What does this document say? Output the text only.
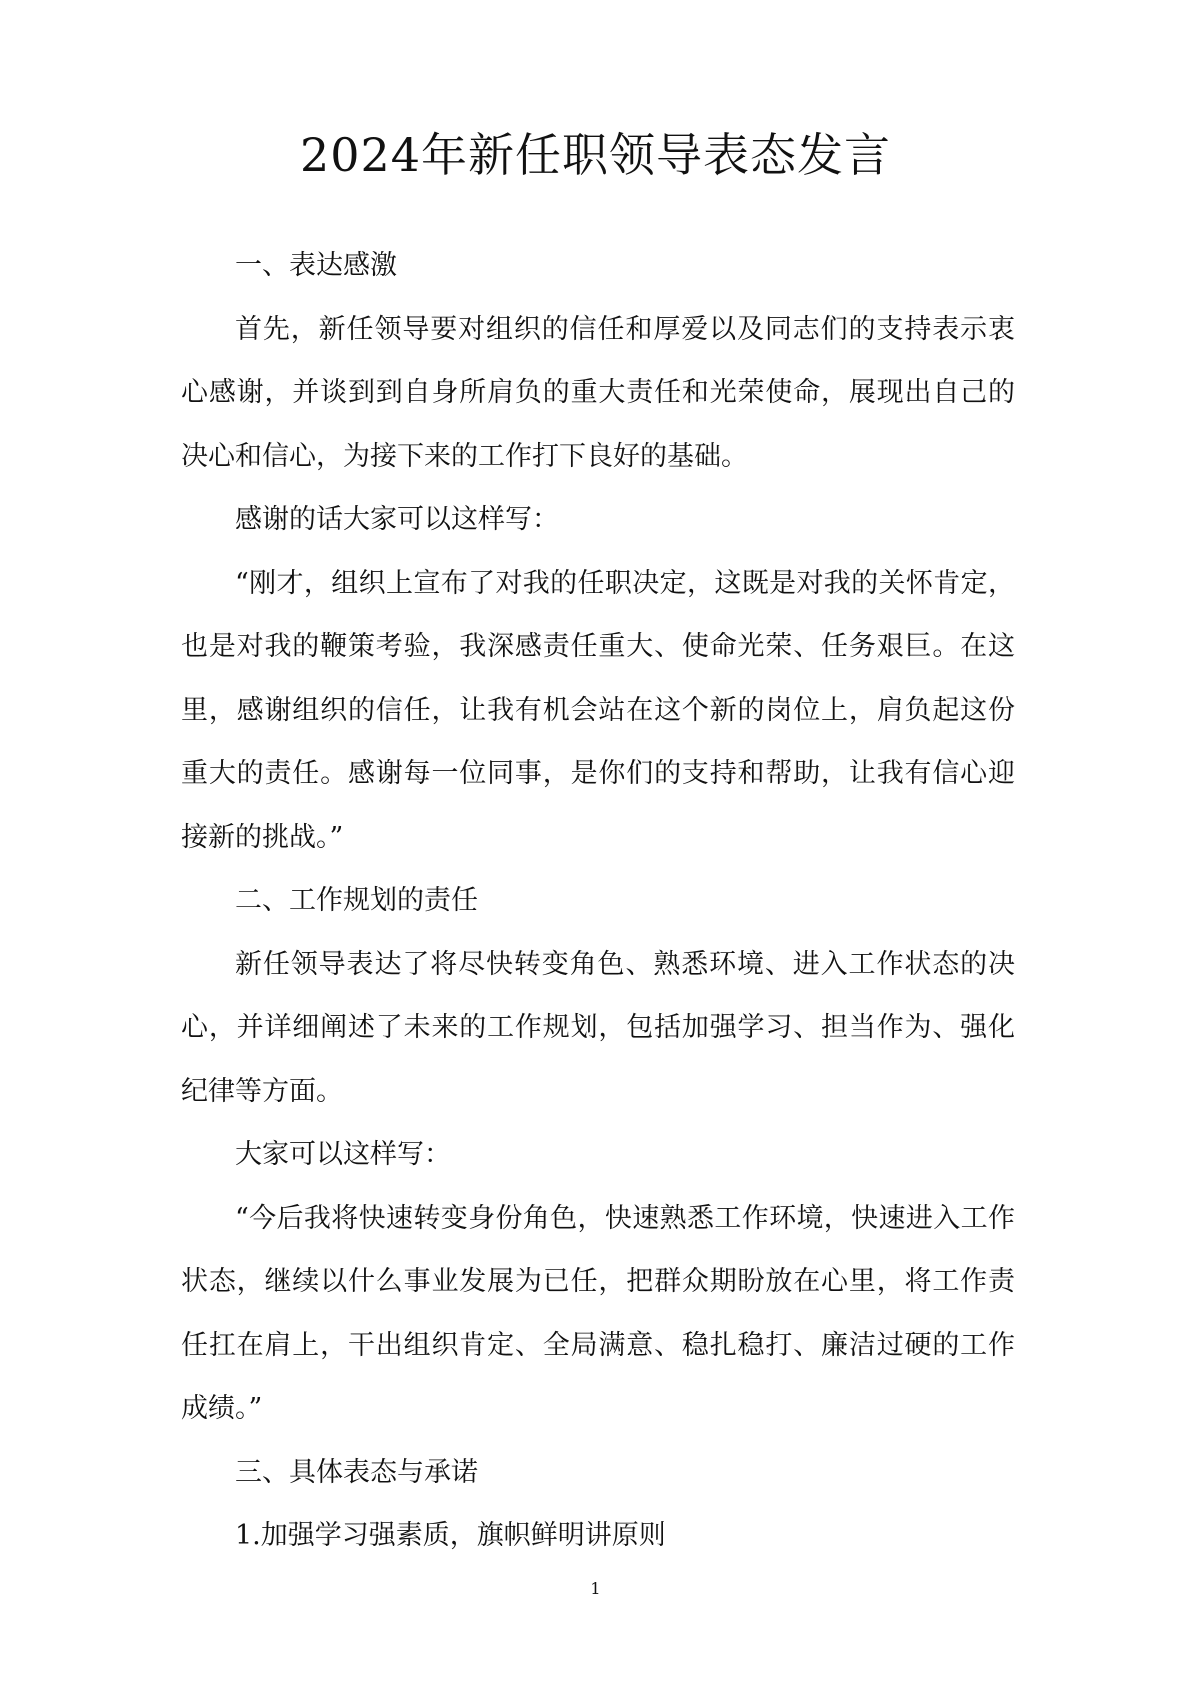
2024年新任职领导表态发言

一、表达感激

首先，新任领导要对组织的信任和厚爱以及同志们的支持表示衷心感谢，并谈到到自身所肩负的重大责任和光荣使命，展现出自己的决心和信心，为接下来的工作打下良好的基础。

感谢的话大家可以这样写：

“刚才，组织上宣布了对我的任职决定，这既是对我的关怀肯定，也是对我的鞭策考验，我深感责任重大、使命光荣、任务艰巨。在这里，感谢组织的信任，让我有机会站在这个新的岗位上，肩负起这份重大的责任。感谢每一位同事，是你们的支持和帮助，让我有信心迎接新的挑战。”

二、工作规划的责任

新任领导表达了将尽快转变角色、熟悉环境、进入工作状态的决心，并详细阐述了未来的工作规划，包括加强学习、担当作为、强化纪律等方面。

大家可以这样写：

“今后我将快速转变身份角色，快速熟悉工作环境，快速进入工作状态，继续以什么事业发展为已任，把群众期盼放在心里，将工作责任扛在肩上，干出组织肯定、全局满意、稳扎稳打、廉洁过硬的工作成绩。”

三、具体表态与承诺

1.加强学习强素质，旗帜鲜明讲原则

1
